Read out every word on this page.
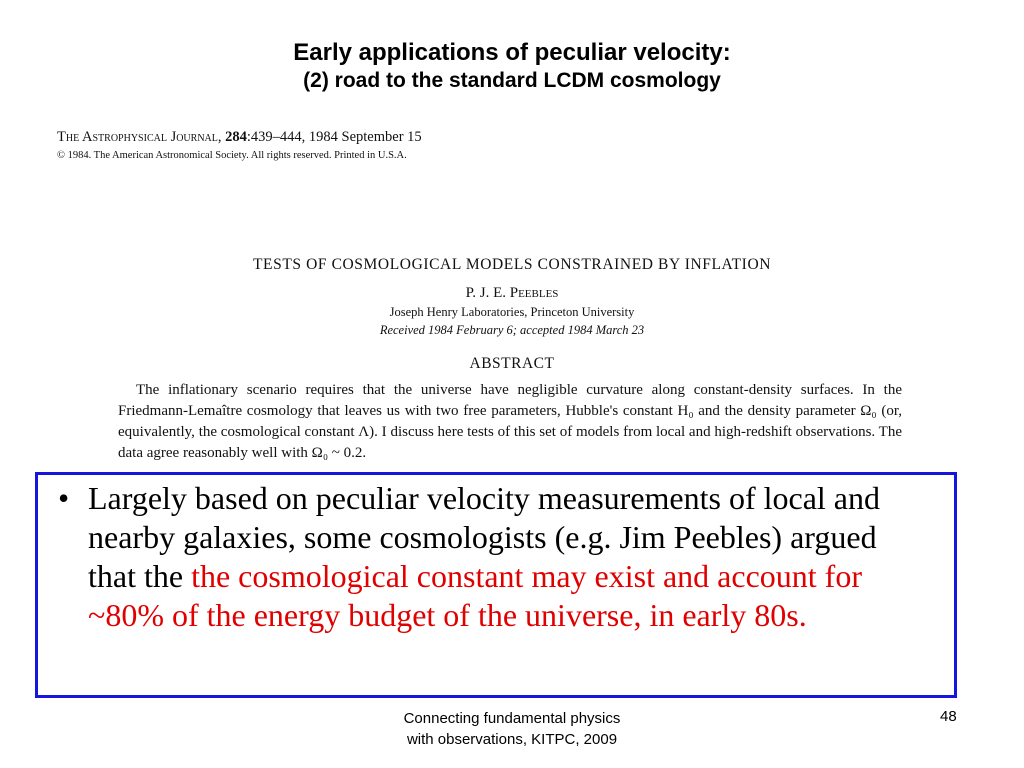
Early applications of peculiar velocity:
(2) road to the standard LCDM cosmology
The Astrophysical Journal, 284:439–444, 1984 September 15
© 1984. The American Astronomical Society. All rights reserved. Printed in U.S.A.
TESTS OF COSMOLOGICAL MODELS CONSTRAINED BY INFLATION
P. J. E. Peebles
Joseph Henry Laboratories, Princeton University
Received 1984 February 6; accepted 1984 March 23
ABSTRACT
The inflationary scenario requires that the universe have negligible curvature along constant-density surfaces. In the Friedmann-Lemaître cosmology that leaves us with two free parameters, Hubble's constant H₀ and the density parameter Ω₀ (or, equivalently, the cosmological constant Λ). I discuss here tests of this set of models from local and high-redshift observations. The data agree reasonably well with Ω₀ ~ 0.2.
• Largely based on peculiar velocity measurements of local and nearby galaxies, some cosmologists (e.g. Jim Peebles) argued that the the cosmological constant may exist and account for ~80% of the energy budget of the universe, in early 80s.
Connecting fundamental physics
with observations, KITPC, 2009
48
